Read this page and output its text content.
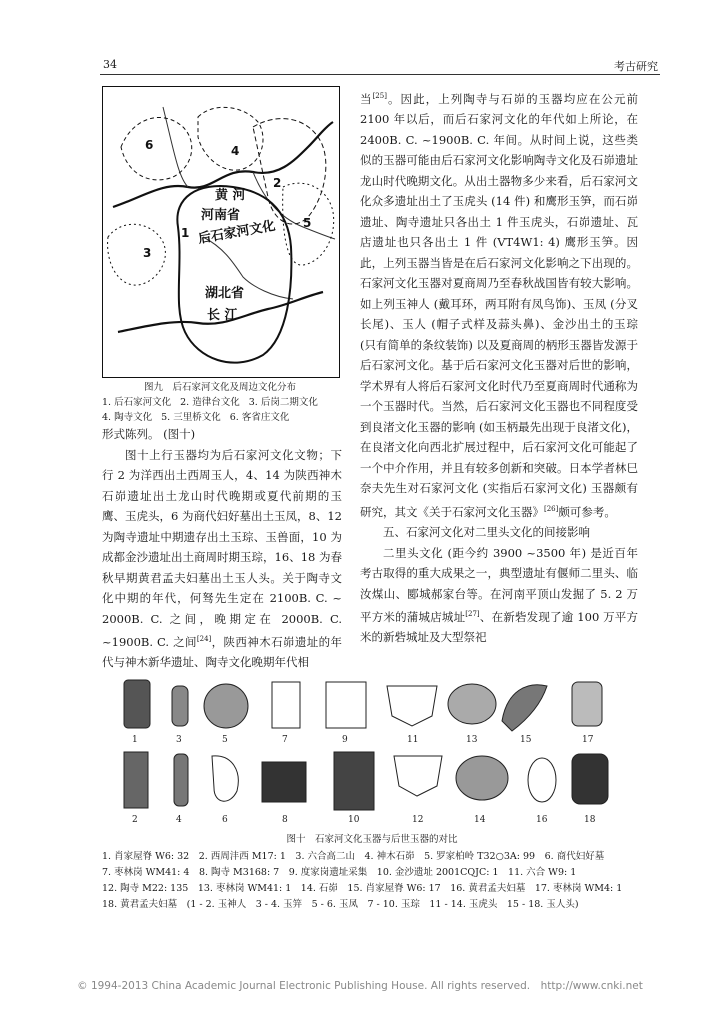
34	考古研究
1
2
3
4
5
6
黄 河
河南省
后石家河文化
湖北省
长 江
图九　后石家河文化及周边文化分布
1. 后石家河文化 2. 造律台文化 3. 后岗二期文化
4. 陶寺文化 5. 三里桥文化 6. 客省庄文化

形式陈列。 (图十)

图十上行玉器均为后石家河文化文物；下行 2 为洋西出土西周玉人，4、14 为陕西神木石峁遗址出土龙山时代晚期或夏代前期的玉鹰、玉虎头，6 为商代妇好墓出土玉凤，8、12 为陶寺遗址中期遗存出土玉琮、玉兽面，10 为成都金沙遗址出土商周时期玉琮，16、18 为春秋早期黄君孟夫妇墓出土玉人头。关于陶寺文化中期的年代，何驽先生定在 2100B. C. ~ 2000B. C. 之间，晚期定在 2000B. C. ~1900B. C. 之间[24]，陕西神木石峁遗址的年代与神木新华遗址、陶寺文化晚期年代相

当[25]。因此，上列陶寺与石峁的玉器均应在公元前 2100 年以后，而后石家河文化的年代如上所论，在 2400B. C. ~1900B. C. 年间。从时间上说，这些类似的玉器可能由后石家河文化影响陶寺文化及石峁遗址龙山时代晚期文化。从出土器物多少来看，后石家河文化众多遗址出土了玉虎头 (14 件) 和鹰形玉笋，而石峁遗址、陶寺遗址只各出土 1 件玉虎头，石峁遗址、瓦店遗址也只各出土 1 件 (VT4W1: 4) 鹰形玉笋。因此，上列玉器当皆是在后石家河文化影响之下出现的。石家河文化玉器对夏商周乃至春秋战国皆有较大影响。如上列玉神人 (戴耳环，两耳附有凤鸟饰)、玉凤 (分叉长尾)、玉人 (帽子式样及蒜头鼻)、金沙出土的玉琮 (只有简单的条纹装饰) 以及夏商周的柄形玉器皆发源于后石家河文化。基于后石家河文化玉器对后世的影响，学术界有人将后石家河文化时代乃至夏商周时代通称为一个玉器时代。当然，后石家河文化玉器也不同程度受到良渚文化玉器的影响 (如玉柄最先出现于良渚文化)，在良渚文化向西北扩展过程中，后石家河文化可能起了一个中介作用，并且有较多创新和突破。日本学者林巳奈夫先生对石家河文化 (实指后石家河文化) 玉器颇有研究，其文《关于石家河文化玉器》[26]颇可参考。

五、石家河文化对二里头文化的间接影响

二里头文化 (距今约 3900 ~3500 年) 是近百年考古取得的重大成果之一，典型遗址有偃师二里头、临汝煤山、郾城郝家台等。在河南平顶山发掘了 5. 2 万平方米的蒲城店城址[27]、在新砦发现了逾 100 万平方米的新砦城址及大型祭祀

1	3	5	7	9	11	13	15	17
2	4	6	8	10	12	14	16	18
图十　石家河文化玉器与后世玉器的对比
1. 肖家屋脊 W6: 32　2. 西周沣西 M17: 1　3. 六合高二山　4. 神木石峁　5. 罗家柏岭 T32○3A: 99　6. 商代妇好墓
7. 枣林岗 WM41: 4　8. 陶寺 M3168: 7　9. 度家岗遗址采集　10. 金沙遗址 2001CQJC: 1　11. 六合 W9: 1
12. 陶寺 M22: 135　13. 枣林岗 WM41: 1　14. 石峁　15. 肖家屋脊 W6: 17　16. 黄君孟夫妇墓　17. 枣林岗 WM4: 1
18. 黄君孟夫妇墓　(1 - 2. 玉神人　3 - 4. 玉笄　5 - 6. 玉凤　7 - 10. 玉琮　11 - 14. 玉虎头　15 - 18. 玉人头)
© 1994-2013 China Academic Journal Electronic Publishing House. All rights reserved.　http://www.cnki.net
